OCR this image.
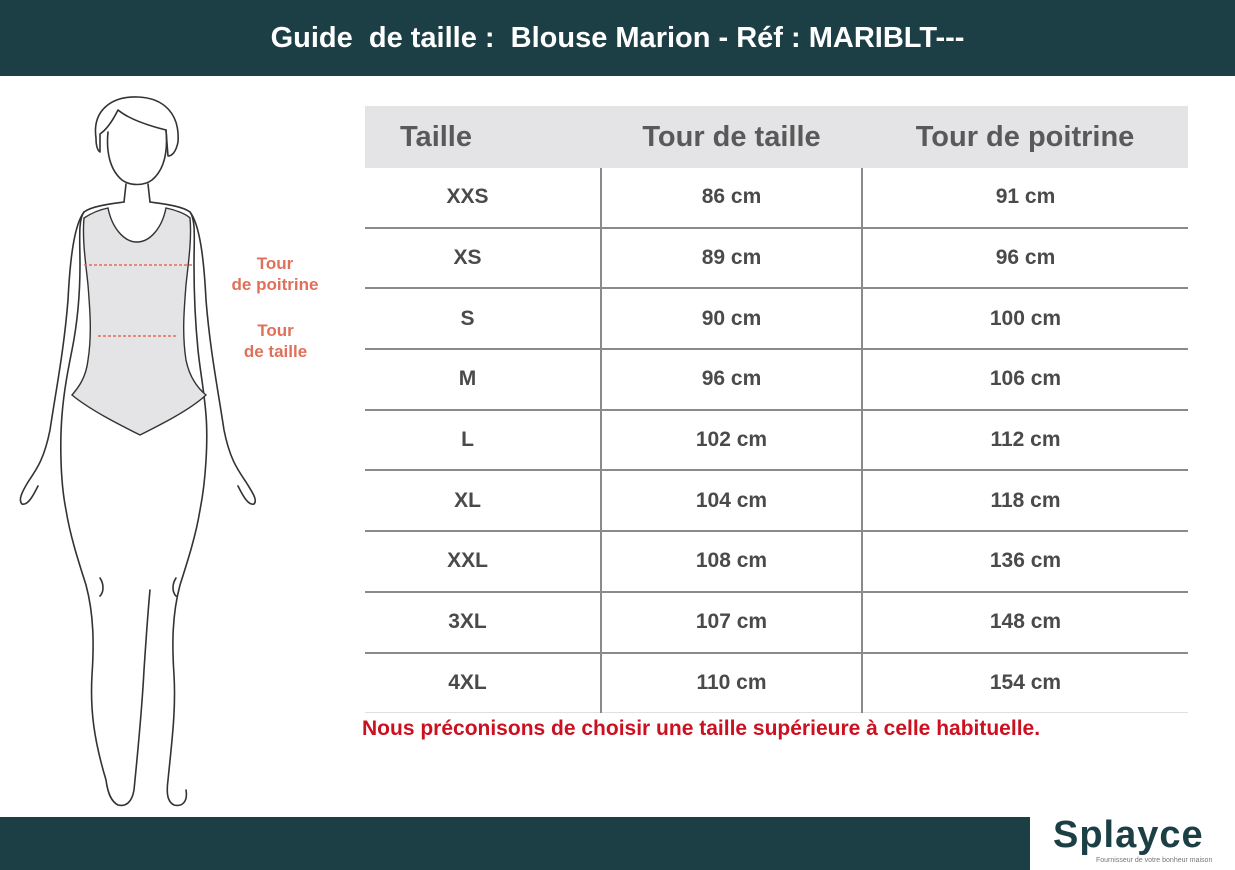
Guide  de taille :  Blouse Marion - Réf : MARIBLT---
Tour
de poitrine
Tour
de taille
Taille	Tour de taille	Tour de poitrine
XXS	86 cm	91 cm
XS	89 cm	96 cm
S	90 cm	100 cm
M	96 cm	106 cm
L	102 cm	112 cm
XL	104 cm	118 cm
XXL	108 cm	136 cm
3XL	107 cm	148 cm
4XL	110 cm	154 cm
Nous préconisons de choisir une taille supérieure à celle habituelle.
Splayce
Fournisseur de votre bonheur maison
